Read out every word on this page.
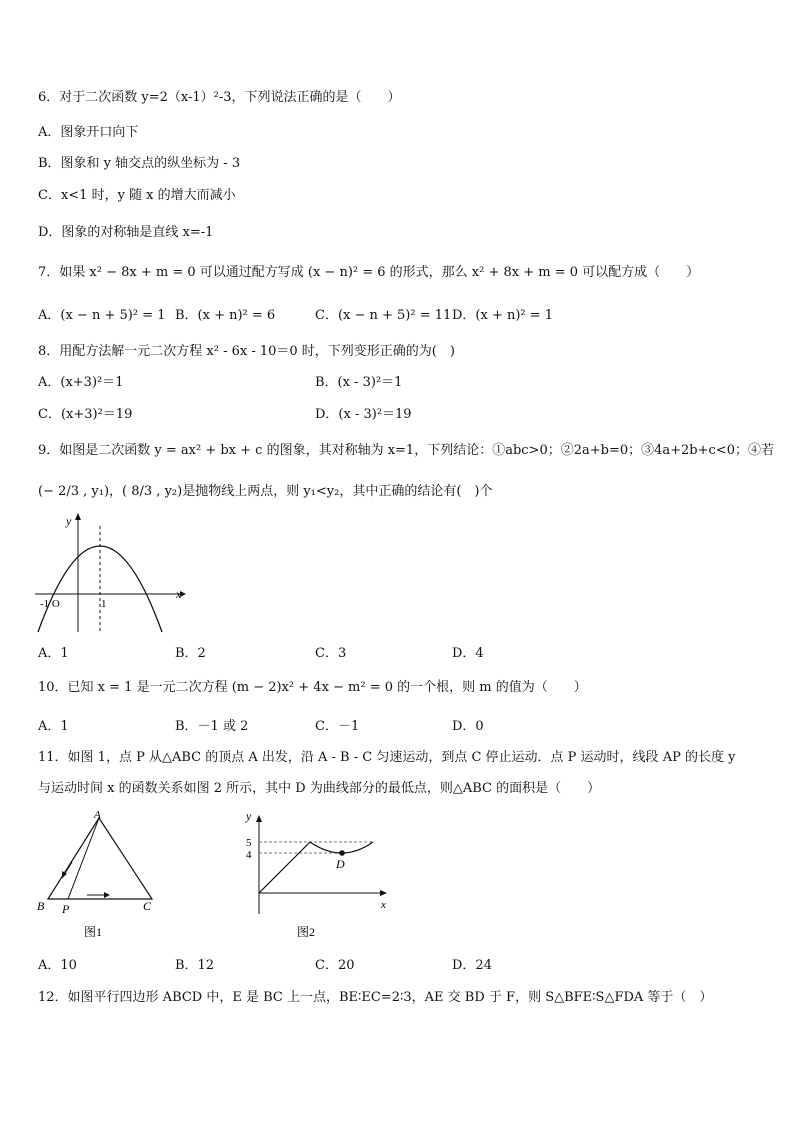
6．对于二次函数 y=2（x-1）²-3，下列说法正确的是（　　）
A．图象开口向下
B．图象和 y 轴交点的纵坐标为 - 3
C．x<1 时，y 随 x 的增大而减小
D．图象的对称轴是直线 x=-1
7．如果 x² − 8x + m = 0 可以通过配方写成 (x − n)² = 6 的形式，那么 x² + 8x + m = 0 可以配方成（　　）
A．(x − n + 5)² = 1 B．(x + n)² = 6	C．(x − n + 5)² = 11 D．(x + n)² = 1
8．用配方法解一元二次方程 x² - 6x - 10＝0 时，下列变形正确的为(　)
A．(x+3)²＝1	B．(x - 3)²＝1
C．(x+3)²＝19	D．(x - 3)²＝19
9．如图是二次函数 y = ax² + bx + c 的图象，其对称轴为 x=1，下列结论：①abc>0；②2a+b=0；③4a+2b+c<0；④若
(− 2/3 , y₁)，( 8/3 , y₂)是抛物线上两点，则 y₁<y₂，其中正确的结论有(　)个
y
x
-1 O	1
A．1	B．2	C．3	D．4
10．已知 x = 1 是一元二次方程 (m − 2)x² + 4x − m² = 0 的一个根，则 m 的值为（　　）
A．1	B．－1 或 2	C．－1	D．0
11．如图 1，点 P 从△ABC 的顶点 A 出发，沿 A - B - C 匀速运动，到点 C 停止运动．点 P 运动时，线段 AP 的长度 y
与运动时间 x 的函数关系如图 2 所示，其中 D 为曲线部分的最低点，则△ABC 的面积是（　　）
A
B	C
P
图1
y
x
5
4
D
图2
A．10	B．12	C．20	D．24
12．如图平行四边形 ABCD 中，E 是 BC 上一点，BE∶EC=2∶3，AE 交 BD 于 F，则 S△BFE∶S△FDA 等于（　）
